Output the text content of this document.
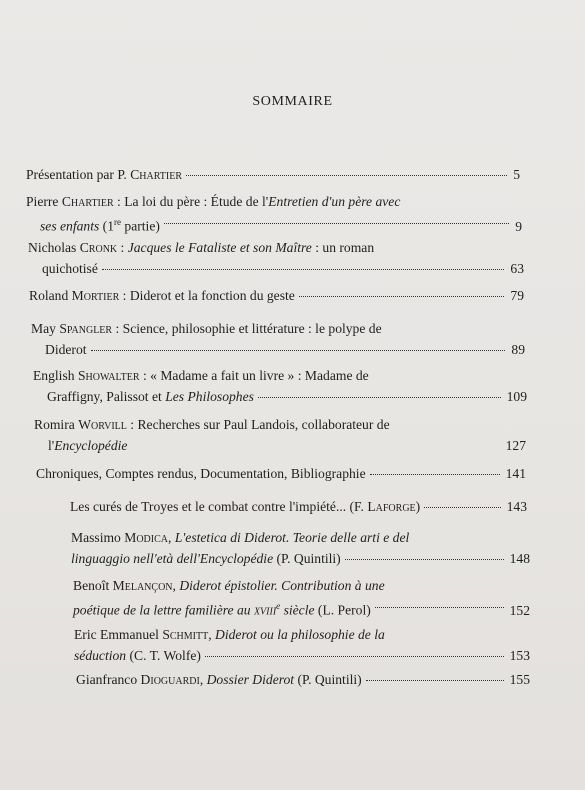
SOMMAIRE
Présentation par P. Chartier	5
Pierre Chartier : La loi du père : Étude de l'Entretien d'un père avec
ses enfants (1re partie)	9
Nicholas Cronk : Jacques le Fataliste et son Maître : un roman
quichotisé	63
Roland Mortier : Diderot et la fonction du geste	79
May Spangler : Science, philosophie et littérature : le polype de
Diderot	89
English Showalter : « Madame a fait un livre » : Madame de
Graffigny, Palissot et Les Philosophes	109
Romira Worvill : Recherches sur Paul Landois, collaborateur de
l'Encyclopédie	127
Chroniques, Comptes rendus, Documentation, Bibliographie	141
Les curés de Troyes et le combat contre l'impiété... (F. Laforge)	143
Massimo Modica, L'estetica di Diderot. Teorie delle arti e del
linguaggio nell'età dell'Encyclopédie (P. Quintili)	148
Benoît Melançon, Diderot épistolier. Contribution à une
poétique de la lettre familière au xviii$^e$ siècle (L. Perol)	152
Eric Emmanuel Schmitt, Diderot ou la philosophie de la
séduction (C. T. Wolfe)	153
Gianfranco Dioguardi, Dossier Diderot (P. Quintili)	155
